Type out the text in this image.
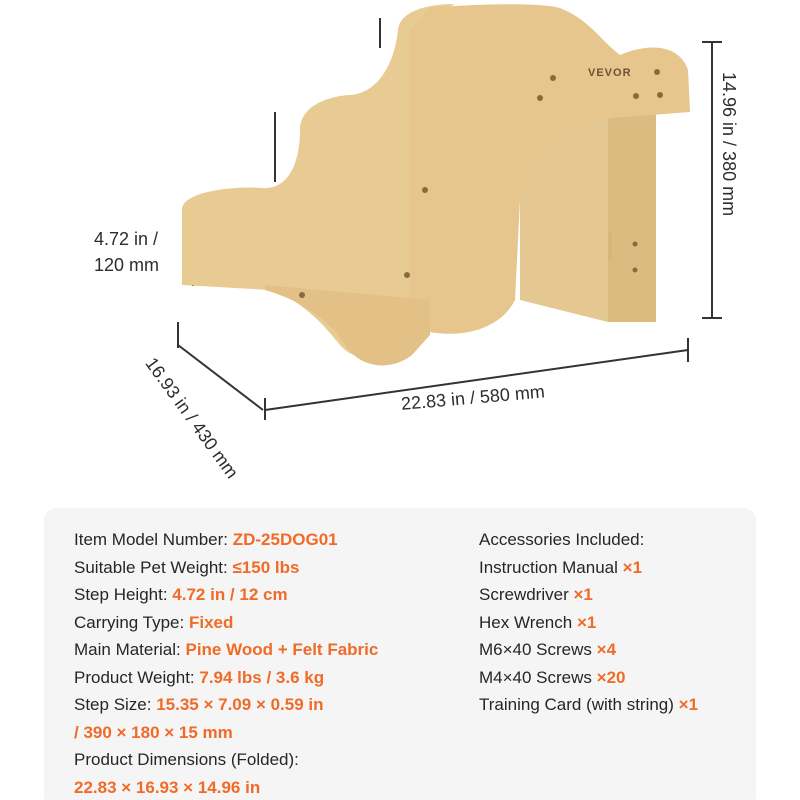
VEVOR
4.72 in /
120 mm
14.96 in / 380 mm
22.83 in / 580 mm
16.93 in / 430 mm
Item Model Number: ZD-25DOG01
Suitable Pet Weight: ≤150 lbs
Step Height: 4.72 in / 12 cm
Carrying Type: Fixed
Main Material: Pine Wood + Felt Fabric
Product Weight: 7.94 lbs / 3.6 kg
Step Size: 15.35 × 7.09 × 0.59 in
/ 390 × 180 × 15 mm
Product Dimensions (Folded):
22.83 × 16.93 × 14.96 in
Accessories Included:
Instruction Manual ×1
Screwdriver ×1
Hex Wrench ×1
M6×40 Screws ×4
M4×40 Screws ×20
Training Card (with string) ×1
